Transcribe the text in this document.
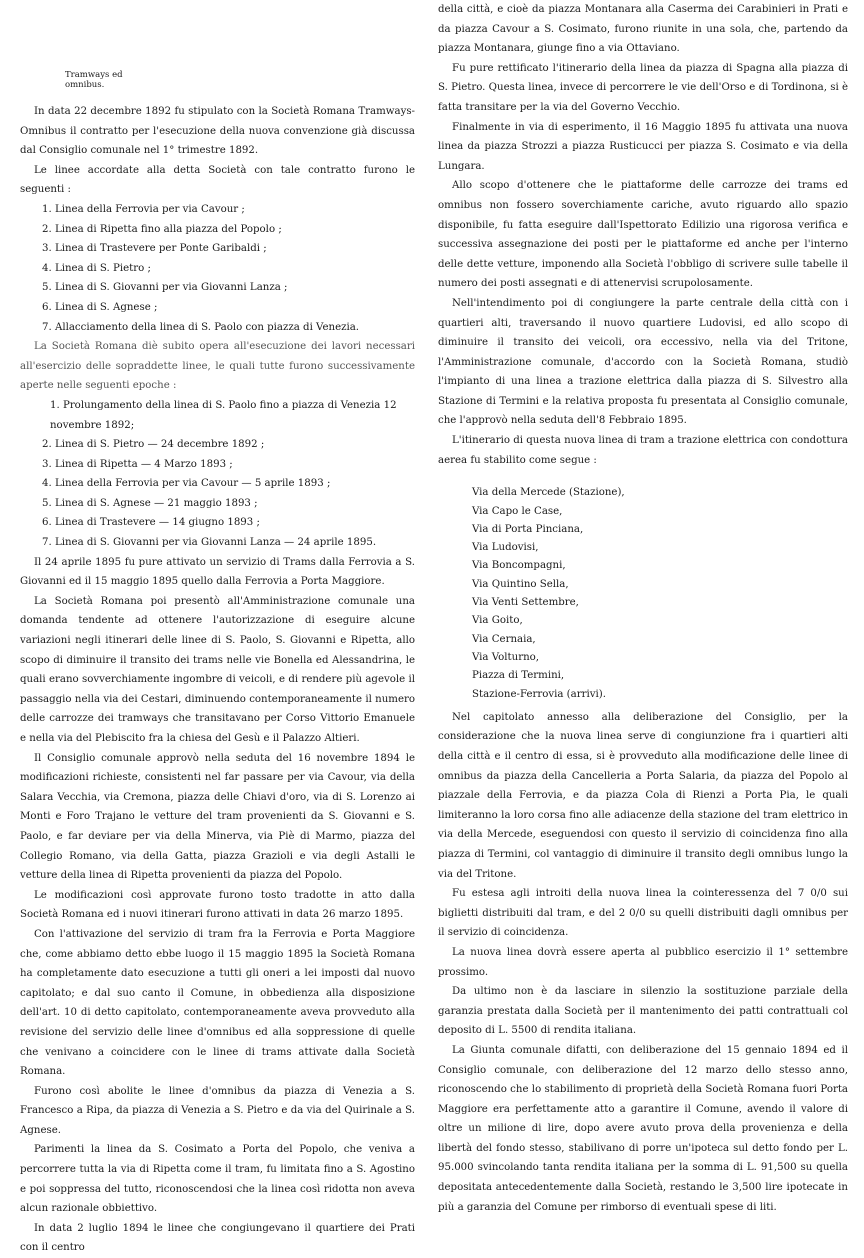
Tramways ed
omnibus.

In data 22 decembre 1892 fu stipulato con la Società Romana Tramways-Omnibus il contratto per l'esecuzione della nuova convenzione già discussa dal Consiglio comunale nel 1° trimestre 1892.

Le linee accordate alla detta Società con tale contratto furono le seguenti :

1. Linea della Ferrovia per via Cavour ;
2. Linea di Ripetta fino alla piazza del Popolo ;
3. Linea di Trastevere per Ponte Garibaldi ;
4. Linea di S. Pietro ;
5. Linea di S. Giovanni per via Giovanni Lanza ;
6. Linea di S. Agnese ;
7. Allacciamento della linea di S. Paolo con piazza di Venezia.

La Società Romana diè subito opera all'esecuzione dei lavori necessari all'esercizio delle sopraddette linee, le quali tutte furono successivamente aperte nelle seguenti epoche :

1. Prolungamento della linea di S. Paolo fino a piazza di Venezia 12 novembre 1892;
2. Linea di S. Pietro — 24 decembre 1892 ;
3. Linea di Ripetta — 4 Marzo 1893 ;
4. Linea della Ferrovia per via Cavour — 5 aprile 1893 ;
5. Linea di S. Agnese — 21 maggio 1893 ;
6. Linea di Trastevere — 14 giugno 1893 ;
7. Linea di S. Giovanni per via Giovanni Lanza — 24 aprile 1895.

Il 24 aprile 1895 fu pure attivato un servizio di Trams dalla Ferrovia a S. Giovanni ed il 15 maggio 1895 quello dalla Ferrovia a Porta Maggiore.

La Società Romana poi presentò all'Amministrazione comunale una domanda tendente ad ottenere l'autorizzazione di eseguire alcune variazioni negli itinerari delle linee di S. Paolo, S. Giovanni e Ripetta, allo scopo di diminuire il transito dei trams nelle vie Bonella ed Alessandrina, le quali erano sovverchiamente ingombre di veicoli, e di rendere più agevole il passaggio nella via dei Cestari, diminuendo contemporaneamente il numero delle carrozze dei tramways che transitavano per Corso Vittorio Emanuele e nella via del Plebiscito fra la chiesa del Gesù e il Palazzo Altieri.

Il Consiglio comunale approvò nella seduta del 16 novembre 1894 le modificazioni richieste, consistenti nel far passare per via Cavour, via della Salara Vecchia, via Cremona, piazza delle Chiavi d'oro, via di S. Lorenzo ai Monti e Foro Trajano le vetture del tram provenienti da S. Giovanni e S. Paolo, e far deviare per via della Minerva, via Piè di Marmo, piazza del Collegio Romano, via della Gatta, piazza Grazioli e via degli Astalli le vetture della linea di Ripetta provenienti da piazza del Popolo.

Le modificazioni così approvate furono tosto tradotte in atto dalla Società Romana ed i nuovi itinerari furono attivati in data 26 marzo 1895.

Con l'attivazione del servizio di tram fra la Ferrovia e Porta Maggiore che, come abbiamo detto ebbe luogo il 15 maggio 1895 la Società Romana ha completamente dato esecuzione a tutti gli oneri a lei imposti dal nuovo capitolato; e dal suo canto il Comune, in obbedienza alla disposizione dell'art. 10 di detto capitolato, contemporaneamente aveva provveduto alla revisione del servizio delle linee d'omnibus ed alla soppressione di quelle che venivano a coincidere con le linee di trams attivate dalla Società Romana.

Furono così abolite le linee d'omnibus da piazza di Venezia a S. Francesco a Ripa, da piazza di Venezia a S. Pietro e da via del Quirinale a S. Agnese.

Parimenti la linea da S. Cosimato a Porta del Popolo, che veniva a percorrere tutta la via di Ripetta come il tram, fu limitata fino a S. Agostino e poi soppressa del tutto, riconoscendosi che la linea così ridotta non aveva alcun razionale obbiettivo.

In data 2 luglio 1894 le linee che congiungevano il quartiere dei Prati con il centro

della città, e cioè da piazza Montanara alla Caserma dei Carabinieri in Prati e da piazza Cavour a S. Cosimato, furono riunite in una sola, che, partendo da piazza Montanara, giunge fino a via Ottaviano.

Fu pure rettificato l'itinerario della linea da piazza di Spagna alla piazza di S. Pietro. Questa linea, invece di percorrere le vie dell'Orso e di Tordinona, si è fatta transitare per la via del Governo Vecchio.

Finalmente in via di esperimento, il 16 Maggio 1895 fu attivata una nuova linea da piazza Strozzi a piazza Rusticucci per piazza S. Cosimato e via della Lungara.

Allo scopo d'ottenere che le piattaforme delle carrozze dei trams ed omnibus non fossero soverchiamente cariche, avuto riguardo allo spazio disponibile, fu fatta eseguire dall'Ispettorato Edilizio una rigorosa verifica e successiva assegnazione dei posti per le piattaforme ed anche per l'interno delle dette vetture, imponendo alla Società l'obbligo di scrivere sulle tabelle il numero dei posti assegnati e di attenervisi scrupolosamente.

Nell'intendimento poi di congiungere la parte centrale della città con i quartieri alti, traversando il nuovo quartiere Ludovisi, ed allo scopo di diminuire il transito dei veicoli, ora eccessivo, nella via del Tritone, l'Amministrazione comunale, d'accordo con la Società Romana, studiò l'impianto di una linea a trazione elettrica dalla piazza di S. Silvestro alla Stazione di Termini e la relativa proposta fu presentata al Consiglio comunale, che l'approvò nella seduta dell'8 Febbraio 1895.

L'itinerario di questa nuova linea di tram a trazione elettrica con condottura aerea fu stabilito come segue :

Via della Mercede (Stazione),
Via Capo le Case,
Via di Porta Pinciana,
Via Ludovisi,
Via Boncompagni,
Via Quintino Sella,
Via Venti Settembre,
Via Goito,
Via Cernaia,
Via Volturno,
Piazza di Termini,
Stazione-Ferrovia (arrivi).

Nel capitolato annesso alla deliberazione del Consiglio, per la considerazione che la nuova linea serve di congiunzione fra i quartieri alti della città e il centro di essa, si è provveduto alla modificazione delle linee di omnibus da piazza della Cancelleria a Porta Salaria, da piazza del Popolo al piazzale della Ferrovia, e da piazza Cola di Rienzi a Porta Pia, le quali limiteranno la loro corsa fino alle adiacenze della stazione del tram elettrico in via della Mercede, eseguendosi con questo il servizio di coincidenza fino alla piazza di Termini, col vantaggio di diminuire il transito degli omnibus lungo la via del Tritone.

Fu estesa agli introiti della nuova linea la cointeressenza del 7 0/0 sui biglietti distribuiti dal tram, e del 2 0/0 su quelli distribuiti dagli omnibus per il servizio di coincidenza.

La nuova linea dovrà essere aperta al pubblico esercizio il 1° settembre prossimo.

Da ultimo non è da lasciare in silenzio la sostituzione parziale della garanzia prestata dalla Società per il mantenimento dei patti contrattuali col deposito di L. 5500 di rendita italiana.

La Giunta comunale difatti, con deliberazione del 15 gennaio 1894 ed il Consiglio comunale, con deliberazione del 12 marzo dello stesso anno, riconoscendo che lo stabilimento di proprietà della Società Romana fuori Porta Maggiore era perfettamente atto a garantire il Comune, avendo il valore di oltre un milione di lire, dopo avere avuto prova della provenienza e della libertà del fondo stesso, stabilivano di porre un'ipoteca sul detto fondo per L. 95.000 svincolando tanta rendita italiana per la somma di L. 91,500 su quella depositata antecedentemente dalla Società, restando le 3,500 lire ipotecate in più a garanzia del Comune per rimborso di eventuali spese di liti.
